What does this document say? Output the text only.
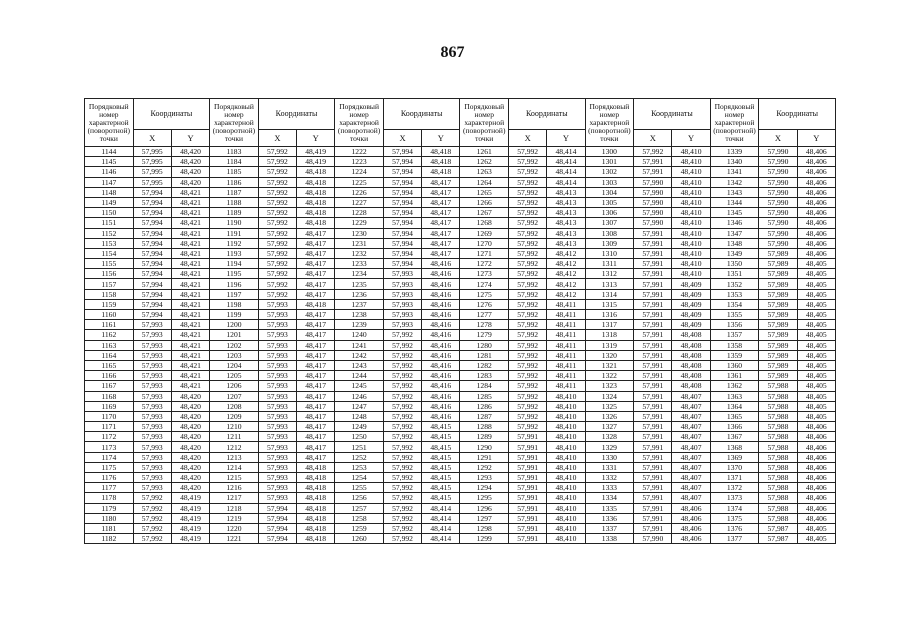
867
Порядковый номер характерной (поворотной) точки	Координаты		Порядковый номер характерной (поворотной) точки	Координаты		Порядковый номер характерной (поворотной) точки	Координаты		Порядковый номер характерной (поворотной) точки	Координаты		Порядковый номер характерной (поворотной) точки	Координаты		Порядковый номер характерной (поворотной) точки	Координаты	
	X	Y		X	Y		X	Y		X	Y		X	Y		X	Y
1144	57,995	48,420	1183	57,992	48,419	1222	57,994	48,418	1261	57,992	48,414	1300	57,992	48,410	1339	57,990	48,406
1145	57,995	48,420	1184	57,992	48,419	1223	57,994	48,418	1262	57,992	48,414	1301	57,991	48,410	1340	57,990	48,406
1146	57,995	48,420	1185	57,992	48,418	1224	57,994	48,418	1263	57,992	48,414	1302	57,991	48,410	1341	57,990	48,406
1147	57,995	48,420	1186	57,992	48,418	1225	57,994	48,417	1264	57,992	48,414	1303	57,990	48,410	1342	57,990	48,406
1148	57,994	48,421	1187	57,992	48,418	1226	57,994	48,417	1265	57,992	48,413	1304	57,990	48,410	1343	57,990	48,406
1149	57,994	48,421	1188	57,992	48,418	1227	57,994	48,417	1266	57,992	48,413	1305	57,990	48,410	1344	57,990	48,406
1150	57,994	48,421	1189	57,992	48,418	1228	57,994	48,417	1267	57,992	48,413	1306	57,990	48,410	1345	57,990	48,406
1151	57,994	48,421	1190	57,992	48,418	1229	57,994	48,417	1268	57,992	48,413	1307	57,990	48,410	1346	57,990	48,406
1152	57,994	48,421	1191	57,992	48,417	1230	57,994	48,417	1269	57,992	48,413	1308	57,991	48,410	1347	57,990	48,406
1153	57,994	48,421	1192	57,992	48,417	1231	57,994	48,417	1270	57,992	48,413	1309	57,991	48,410	1348	57,990	48,406
1154	57,994	48,421	1193	57,992	48,417	1232	57,994	48,417	1271	57,992	48,412	1310	57,991	48,410	1349	57,989	48,406
1155	57,994	48,421	1194	57,992	48,417	1233	57,994	48,416	1272	57,992	48,412	1311	57,991	48,410	1350	57,989	48,405
1156	57,994	48,421	1195	57,992	48,417	1234	57,993	48,416	1273	57,992	48,412	1312	57,991	48,410	1351	57,989	48,405
1157	57,994	48,421	1196	57,992	48,417	1235	57,993	48,416	1274	57,992	48,412	1313	57,991	48,409	1352	57,989	48,405
1158	57,994	48,421	1197	57,992	48,417	1236	57,993	48,416	1275	57,992	48,412	1314	57,991	48,409	1353	57,989	48,405
1159	57,994	48,421	1198	57,993	48,418	1237	57,993	48,416	1276	57,992	48,411	1315	57,991	48,409	1354	57,989	48,405
1160	57,994	48,421	1199	57,993	48,417	1238	57,993	48,416	1277	57,992	48,411	1316	57,991	48,409	1355	57,989	48,405
1161	57,993	48,421	1200	57,993	48,417	1239	57,993	48,416	1278	57,992	48,411	1317	57,991	48,409	1356	57,989	48,405
1162	57,993	48,421	1201	57,993	48,417	1240	57,992	48,416	1279	57,992	48,411	1318	57,991	48,408	1357	57,989	48,405
1163	57,993	48,421	1202	57,993	48,417	1241	57,992	48,416	1280	57,992	48,411	1319	57,991	48,408	1358	57,989	48,405
1164	57,993	48,421	1203	57,993	48,417	1242	57,992	48,416	1281	57,992	48,411	1320	57,991	48,408	1359	57,989	48,405
1165	57,993	48,421	1204	57,993	48,417	1243	57,992	48,416	1282	57,992	48,411	1321	57,991	48,408	1360	57,989	48,405
1166	57,993	48,421	1205	57,993	48,417	1244	57,992	48,416	1283	57,992	48,411	1322	57,991	48,408	1361	57,989	48,405
1167	57,993	48,421	1206	57,993	48,417	1245	57,992	48,416	1284	57,992	48,411	1323	57,991	48,408	1362	57,988	48,405
1168	57,993	48,420	1207	57,993	48,417	1246	57,992	48,416	1285	57,992	48,410	1324	57,991	48,407	1363	57,988	48,405
1169	57,993	48,420	1208	57,993	48,417	1247	57,992	48,416	1286	57,992	48,410	1325	57,991	48,407	1364	57,988	48,405
1170	57,993	48,420	1209	57,993	48,417	1248	57,992	48,416	1287	57,992	48,410	1326	57,991	48,407	1365	57,988	48,405
1171	57,993	48,420	1210	57,993	48,417	1249	57,992	48,415	1288	57,992	48,410	1327	57,991	48,407	1366	57,988	48,406
1172	57,993	48,420	1211	57,993	48,417	1250	57,992	48,415	1289	57,991	48,410	1328	57,991	48,407	1367	57,988	48,406
1173	57,993	48,420	1212	57,993	48,417	1251	57,992	48,415	1290	57,991	48,410	1329	57,991	48,407	1368	57,988	48,406
1174	57,993	48,420	1213	57,993	48,417	1252	57,992	48,415	1291	57,991	48,410	1330	57,991	48,407	1369	57,988	48,406
1175	57,993	48,420	1214	57,993	48,418	1253	57,992	48,415	1292	57,991	48,410	1331	57,991	48,407	1370	57,988	48,406
1176	57,993	48,420	1215	57,993	48,418	1254	57,992	48,415	1293	57,991	48,410	1332	57,991	48,407	1371	57,988	48,406
1177	57,993	48,420	1216	57,993	48,418	1255	57,992	48,415	1294	57,991	48,410	1333	57,991	48,407	1372	57,988	48,406
1178	57,992	48,419	1217	57,993	48,418	1256	57,992	48,415	1295	57,991	48,410	1334	57,991	48,407	1373	57,988	48,406
1179	57,992	48,419	1218	57,994	48,418	1257	57,992	48,414	1296	57,991	48,410	1335	57,991	48,406	1374	57,988	48,406
1180	57,992	48,419	1219	57,994	48,418	1258	57,992	48,414	1297	57,991	48,410	1336	57,991	48,406	1375	57,988	48,406
1181	57,992	48,419	1220	57,994	48,418	1259	57,992	48,414	1298	57,991	48,410	1337	57,991	48,406	1376	57,987	48,405
1182	57,992	48,419	1221	57,994	48,418	1260	57,992	48,414	1299	57,991	48,410	1338	57,990	48,406	1377	57,987	48,405
